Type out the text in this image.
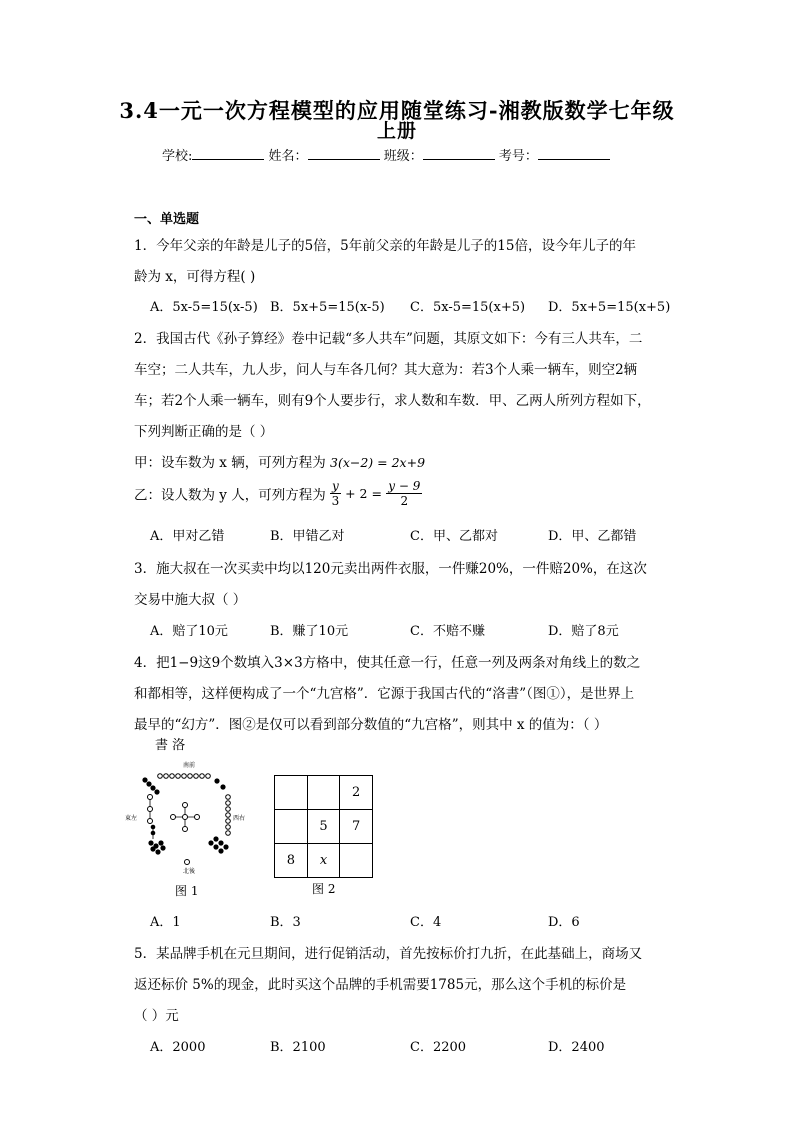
3.4一元一次方程模型的应用随堂练习-湘教版数学七年级
上册
学校:	姓名：	班级：	考号：
一、单选题
1．今年父亲的年龄是儿子的5倍，5年前父亲的年龄是儿子的15倍，设今年儿子的年
龄为 x，可得方程( )
A．5x-5=15(x-5) B．5x+5=15(x-5) C．5x-5=15(x+5) D．5x+5=15(x+5)
2．我国古代《孙子算经》卷中记载“多人共车”问题，其原文如下：今有三人共车，二
车空；二人共车，九人步，问人与车各几何？其大意为：若3个人乘一辆车，则空2辆
车；若2个人乘一辆车，则有9个人要步行，求人数和车数．甲、乙两人所列方程如下，
下列判断正确的是（ ）
甲：设车数为 x 辆，可列方程为 3(x−2) = 2x+9
乙：设人数为 y 人，可列方程为 $\frac{y}{3} + 2 = \frac{y - 9}{2}$
A．甲对乙错	B．甲错乙对	C．甲、乙都对	D．甲、乙都错
3．施大叔在一次买卖中均以120元卖出两件衣服，一件赚20%，一件赔20%，在这次
交易中施大叔（ ）
A．赔了10元	B．赚了10元	C．不赔不赚	D．赔了8元
4．把1−9这9个数填入3×3方格中，使其任意一行，任意一列及两条对角线上的数之
和都相等，这样便构成了一个“九宫格”．它源于我国古代的“洛書”（图①），是世界上
最早的“幻方”．图②是仅可以看到部分数值的“九宫格”，则其中 x 的值为：（ ）
書 洛
南前
東左	西右
北後
图 1
		2
	5	7
8	x	
图 2
A．1	B．3	C．4	D．6
5．某品牌手机在元旦期间，进行促销活动，首先按标价打九折，在此基础上，商场又
返还标价 5%的现金，此时买这个品牌的手机需要1785元，那么这个手机的标价是
（ ）元
A．2000	B．2100	C．2200	D．2400
